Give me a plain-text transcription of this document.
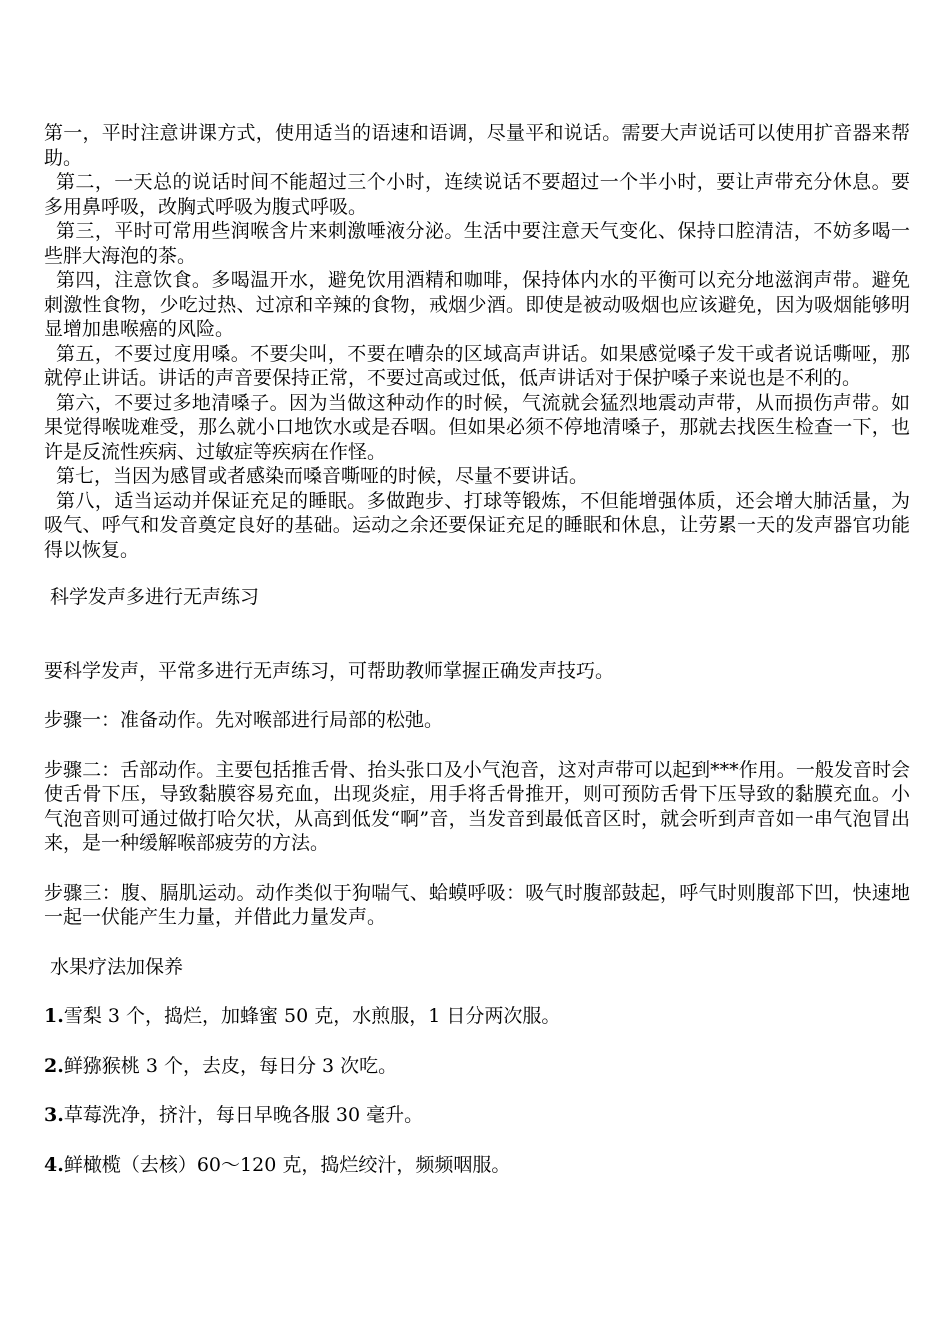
第一，平时注意讲课方式，使用适当的语速和语调，尽量平和说话。需要大声说话可以使用扩音器来帮助。

第二，一天总的说话时间不能超过三个小时，连续说话不要超过一个半小时，要让声带充分休息。要多用鼻呼吸，改胸式呼吸为腹式呼吸。

第三，平时可常用些润喉含片来刺激唾液分泌。生活中要注意天气变化、保持口腔清洁，不妨多喝一些胖大海泡的茶。

第四，注意饮食。多喝温开水，避免饮用酒精和咖啡，保持体内水的平衡可以充分地滋润声带。避免刺激性食物，少吃过热、过凉和辛辣的食物，戒烟少酒。即使是被动吸烟也应该避免，因为吸烟能够明显增加患喉癌的风险。

第五，不要过度用嗓。不要尖叫，不要在嘈杂的区域高声讲话。如果感觉嗓子发干或者说话嘶哑，那就停止讲话。讲话的声音要保持正常，不要过高或过低，低声讲话对于保护嗓子来说也是不利的。

第六，不要过多地清嗓子。因为当做这种动作的时候，气流就会猛烈地震动声带，从而损伤声带。如果觉得喉咙难受，那么就小口地饮水或是吞咽。但如果必须不停地清嗓子，那就去找医生检查一下，也许是反流性疾病、过敏症等疾病在作怪。

第七，当因为感冒或者感染而嗓音嘶哑的时候，尽量不要讲话。

第八，适当运动并保证充足的睡眠。多做跑步、打球等锻炼，不但能增强体质，还会增大肺活量，为吸气、呼气和发音奠定良好的基础。运动之余还要保证充足的睡眠和休息，让劳累一天的发声器官功能得以恢复。

科学发声多进行无声练习

要科学发声，平常多进行无声练习，可帮助教师掌握正确发声技巧。

步骤一：准备动作。先对喉部进行局部的松弛。

步骤二：舌部动作。主要包括推舌骨、抬头张口及小气泡音，这对声带可以起到***作用。一般发音时会使舌骨下压，导致黏膜容易充血，出现炎症，用手将舌骨推开，则可预防舌骨下压导致的黏膜充血。小气泡音则可通过做打哈欠状，从高到低发“啊”音，当发音到最低音区时，就会听到声音如一串气泡冒出来，是一种缓解喉部疲劳的方法。

步骤三：腹、膈肌运动。动作类似于狗喘气、蛤蟆呼吸：吸气时腹部鼓起，呼气时则腹部下凹，快速地一起一伏能产生力量，并借此力量发声。

水果疗法加保养

1.雪梨 3 个，捣烂，加蜂蜜 50 克，水煎服，1 日分两次服。

2.鲜猕猴桃 3 个，去皮，每日分 3 次吃。

3.草莓洗净，挤汁，每日早晚各服 30 毫升。

4.鲜橄榄（去核）60～120 克，捣烂绞汁，频频咽服。
